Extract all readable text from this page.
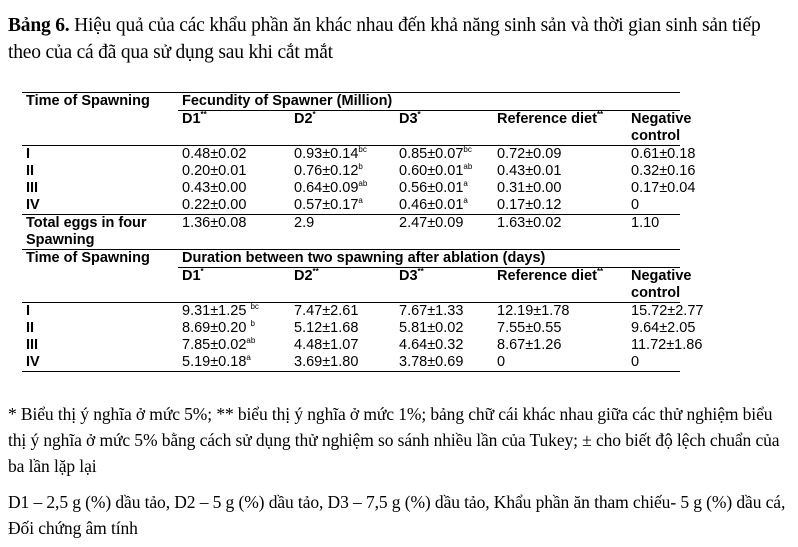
Bảng 6. Hiệu quả của các khẩu phần ăn khác nhau đến khả năng sinh sản và thời gian sinh sản tiếp theo của cá đã qua sử dụng sau khi cắt mắt
Time of Spawning	Fecundity of Spawner (Million)				
	D1**	D2*	D3*	Reference diet**	Negative control
I	0.48±0.02	0.93±0.14$^{bc}$	0.85±0.07$^{bc}$	0.72±0.09	0.61±0.18
II	0.20±0.01	0.76±0.12$^b$	0.60±0.01$^{ab}$	0.43±0.01	0.32±0.16
III	0.43±0.00	0.64±0.09$^{ab}$	0.56±0.01$^a$	0.31±0.00	0.17±0.04
IV	0.22±0.00	0.57±0.17$^a$	0.46±0.01$^a$	0.17±0.12	0
Total eggs in four Spawning	1.36±0.08	2.9	2.47±0.09	1.63±0.02	1.10
Time of Spawning	Duration between two spawning after ablation (days)				
	D1*	D2**	D3**	Reference diet**	Negative control
I	9.31±1.25 $^{bc}$	7.47±2.61	7.67±1.33	12.19±1.78	15.72±2.77
II	8.69±0.20 $^b$	5.12±1.68	5.81±0.02	7.55±0.55	9.64±2.05
III	7.85±0.02$^{ab}$	4.48±1.07	4.64±0.32	8.67±1.26	11.72±1.86
IV	5.19±0.18$^a$	3.69±1.80	3.78±0.69	0	0
* Biểu thị ý nghĩa ở mức 5%; ** biểu thị ý nghĩa ở mức 1%; bảng chữ cái khác nhau giữa các thử nghiệm biểu thị ý nghĩa ở mức 5% bằng cách sử dụng thử nghiệm so sánh nhiều lần của Tukey; ± cho biết độ lệch chuẩn của ba lần lặp lại
D1 – 2,5 g (%) dầu tảo, D2 – 5 g (%) dầu tảo, D3 – 7,5 g (%) dầu tảo, Khẩu phần ăn tham chiếu- 5 g (%) dầu cá, Đối chứng âm tính
